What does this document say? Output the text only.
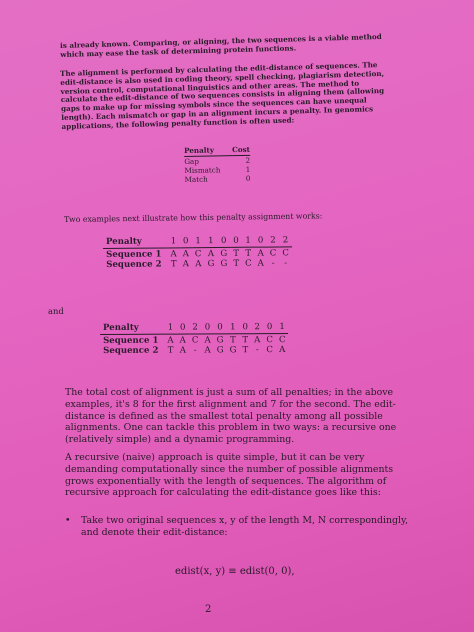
is already known. Comparing, or aligning, the two sequences is a viable method which may ease the task of determining protein functions.

The alignment is performed by calculating the edit-distance of sequences. The edit-distance is also used in coding theory, spell checking, plagiarism detection, version control, computational linguistics and other areas. The method to calculate the edit-distance of two sequences consists in aligning them (allowing gaps to make up for missing symbols since the sequences can have unequal length). Each mismatch or gap in an alignment incurs a penalty. In genomics applications, the following penalty function is often used:

Penalty	Cost
Gap	2
Mismatch	1
Match	0

Two examples next illustrate how this penalty assignment works:

Penalty	1	0	1	1	0	0	1	0	2	2
Sequence 1	A	A	C	A	G	T	T	A	C	C
Sequence 2	T	A	A	G	G	T	C	A	-	-

and

Penalty	1	0	2	0	0	1	0	2	0	1
Sequence 1	A	A	C	A	G	T	T	A	C	C
Sequence 2	T	A	-	A	G	G	T	-	C	A

The total cost of alignment is just a sum of all penalties; in the above examples, it's 8 for the first alignment and 7 for the second. The edit-distance is defined as the smallest total penalty among all possible alignments. One can tackle this problem in two ways: a recursive one (relatively simple) and a dynamic programming.

A recursive (naive) approach is quite simple, but it can be very demanding computationally since the number of possible alignments grows exponentially with the length of sequences. The algorithm of recursive approach for calculating the edit-distance goes like this:

• Take two original sequences x, y of the length M, N correspondingly, and denote their edit-distance:
edist(x, y) ≡ edist(0, 0),
2
